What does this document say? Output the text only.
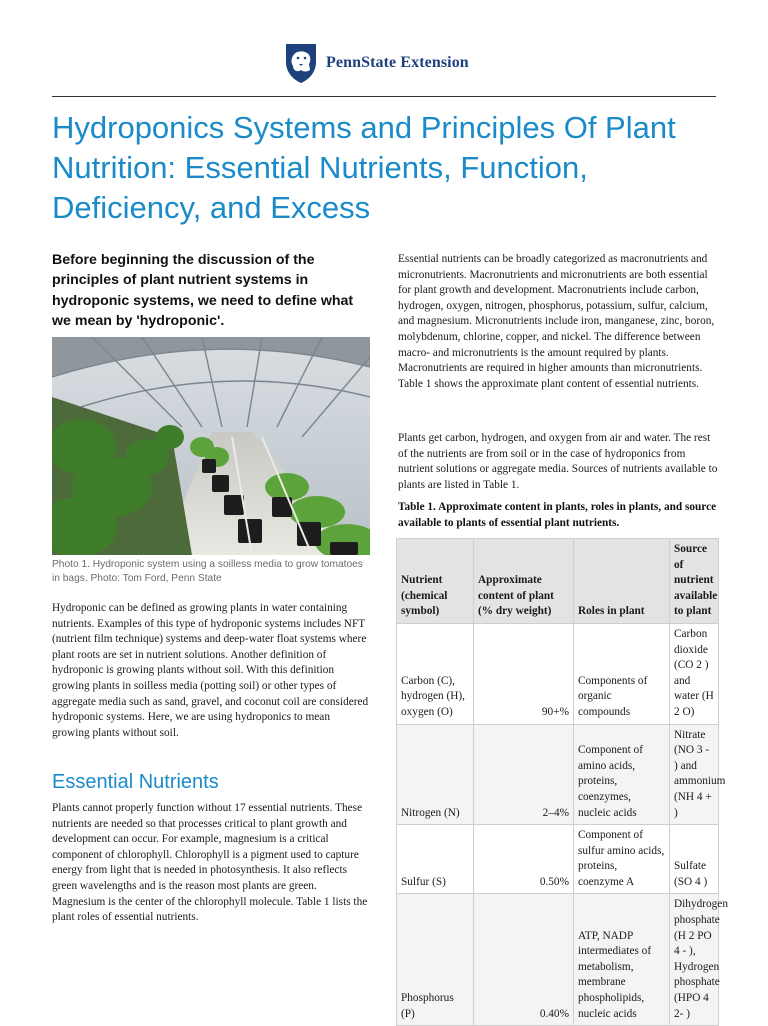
PennState Extension
Hydroponics Systems and Principles Of Plant Nutrition: Essential Nutrients, Function, Deficiency, and Excess

Before beginning the discussion of the principles of plant nutrient systems in hydroponic systems, we need to define what we mean by 'hydroponic'.

Photo 1. Hydroponic system using a soilless media to grow tomatoes in bags. Photo: Tom Ford, Penn State

Hydroponic can be defined as growing plants in water containing nutrients. Examples of this type of hydroponic systems includes NFT (nutrient film technique) systems and deep-water float systems where plant roots are set in nutrient solutions. Another definition of hydroponic is growing plants without soil. With this definition growing plants in soilless media (potting soil) or other types of aggregate media such as sand, gravel, and coconut coil are considered hydroponic systems. Here, we are using hydroponics to mean growing plants without soil.

Essential Nutrients

Plants cannot properly function without 17 essential nutrients. These nutrients are needed so that processes critical to plant growth and development can occur. For example, magnesium is a critical component of chlorophyll. Chlorophyll is a pigment used to capture energy from light that is needed in photosynthesis. It also reflects green wavelengths and is the reason most plants are green. Magnesium is the center of the chlorophyll molecule. Table 1 lists the plant roles of essential nutrients.

Essential nutrients can be broadly categorized as macronutrients and micronutrients. Macronutrients and micronutrients are both essential for plant growth and development. Macronutrients include carbon, hydrogen, oxygen, nitrogen, phosphorus, potassium, sulfur, calcium, and magnesium. Micronutrients include iron, manganese, zinc, boron, molybdenum, chlorine, copper, and nickel. The difference between macro- and micronutrients is the amount required by plants. Macronutrients are required in higher amounts than micronutrients. Table 1 shows the approximate plant content of essential nutrients.

Plants get carbon, hydrogen, and oxygen from air and water. The rest of the nutrients are from soil or in the case of hydroponics from nutrient solutions or aggregate media. Sources of nutrients available to plants are listed in Table 1.

Table 1. Approximate content in plants, roles in plants, and source available to plants of essential plant nutrients.

Nutrient (chemical symbol)	Approximate content of plant (% dry weight)	Roles in plant	Source of nutrient available to plant
Carbon (C), hydrogen (H), oxygen (O)	90+%	Components of organic compounds	Carbon dioxide (CO 2 ) and water (H 2 O)
Nitrogen (N)	2–4%	Component of amino acids, proteins, coenzymes, nucleic acids	Nitrate (NO 3 - ) and ammonium (NH 4 + )
Sulfur (S)	0.50%	Component of sulfur amino acids, proteins, coenzyme A	Sulfate (SO 4 )
Phosphorus (P)	0.40%	ATP, NADP intermediates of metabolism, membrane phospholipids, nucleic acids	Dihydrogen phosphate (H 2 PO 4 - ), Hydrogen phosphate (HPO 4 2- )
